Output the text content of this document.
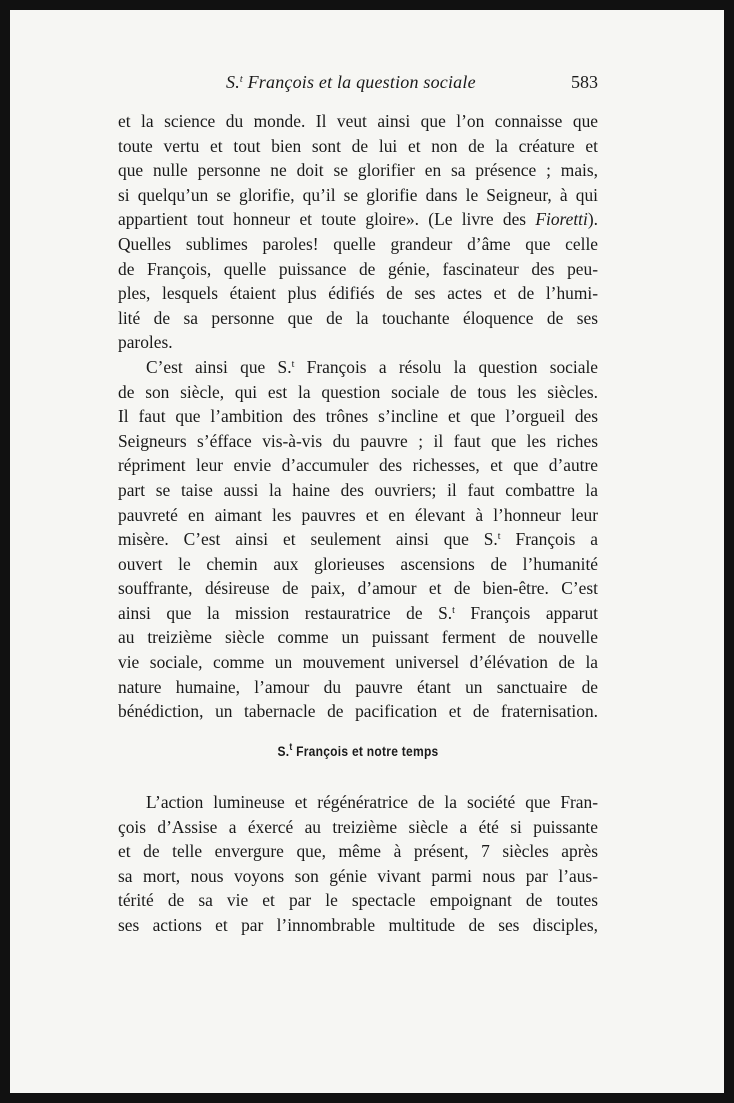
S.$^t$ François et la question sociale	583
et la science du monde. Il veut ainsi que l’on connaisse que
toute vertu et tout bien sont de lui et non de la créature et
que nulle personne ne doit se glorifier en sa présence ; mais,
si quelqu’un se glorifie, qu’il se glorifie dans le Seigneur, à qui
appartient tout honneur et toute gloire». (Le livre des Fioretti).
Quelles sublimes paroles! quelle grandeur d’âme que celle
de François, quelle puissance de génie, fascinateur des peu-
ples, lesquels étaient plus édifiés de ses actes et de l’humi-
lité de sa personne que de la touchante éloquence de ses
paroles.
C’est ainsi que S.$^t$ François a résolu la question sociale
de son siècle, qui est la question sociale de tous les siècles.
Il faut que l’ambition des trônes s’incline et que l’orgueil des
Seigneurs s’éfface vis-à-vis du pauvre ; il faut que les riches
répriment leur envie d’accumuler des richesses, et que d’autre
part se taise aussi la haine des ouvriers; il faut combattre la
pauvreté en aimant les pauvres et en élevant à l’honneur leur
misère. C’est ainsi et seulement ainsi que S.$^t$ François a
ouvert le chemin aux glorieuses ascensions de l’humanité
souffrante, désireuse de paix, d’amour et de bien-être. C’est
ainsi que la mission restauratrice de S.$^t$ François apparut
au treizième siècle comme un puissant ferment de nouvelle
vie sociale, comme un mouvement universel d’élévation de la
nature humaine, l’amour du pauvre étant un sanctuaire de
bénédiction, un tabernacle de pacification et de fraternisation.
S.$^t$ François et notre temps
L’action lumineuse et régénératrice de la société que Fran-
çois d’Assise a éxercé au treizième siècle a été si puissante
et de telle envergure que, même à présent, 7 siècles après
sa mort, nous voyons son génie vivant parmi nous par l’aus-
térité de sa vie et par le spectacle empoignant de toutes
ses actions et par l’innombrable multitude de ses disciples,
